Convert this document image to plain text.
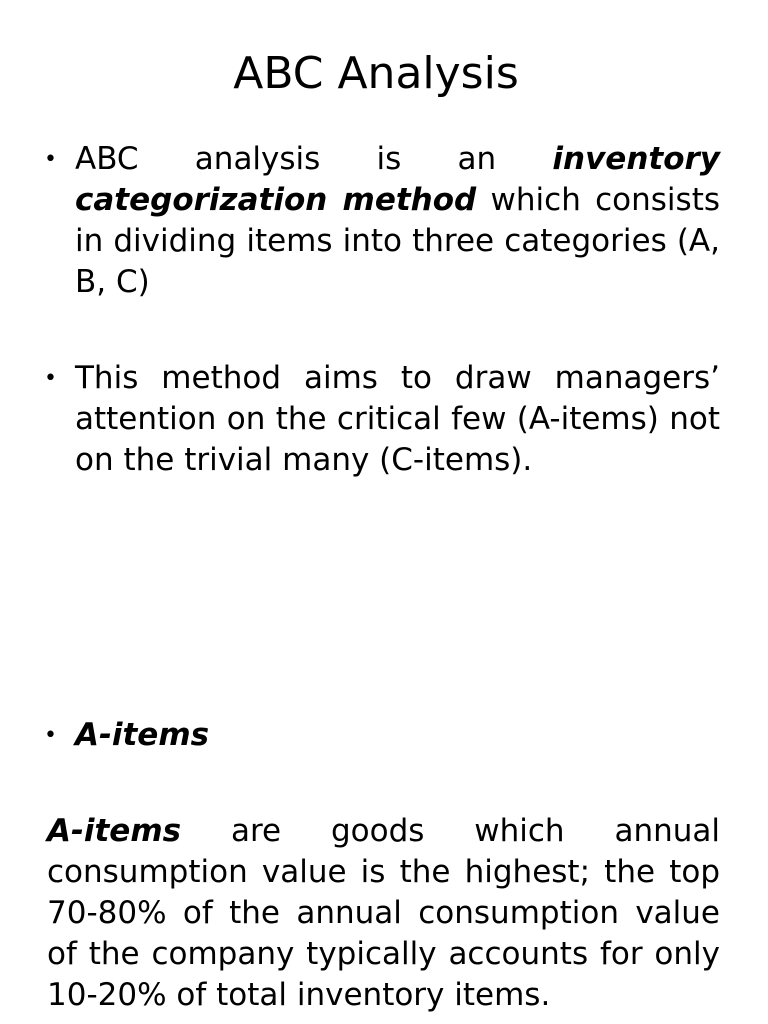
ABC Analysis
• ABC analysis is an inventory categorization method which consists in dividing items into three categories (A, B, C)
• This method aims to draw managers’ attention on the critical few (A-items) not on the trivial many (C-items).
• A-items

A-items are goods which annual consumption value is the highest; the top 70-80% of the annual consumption value of the company typically accounts for only 10-20% of total inventory items.
